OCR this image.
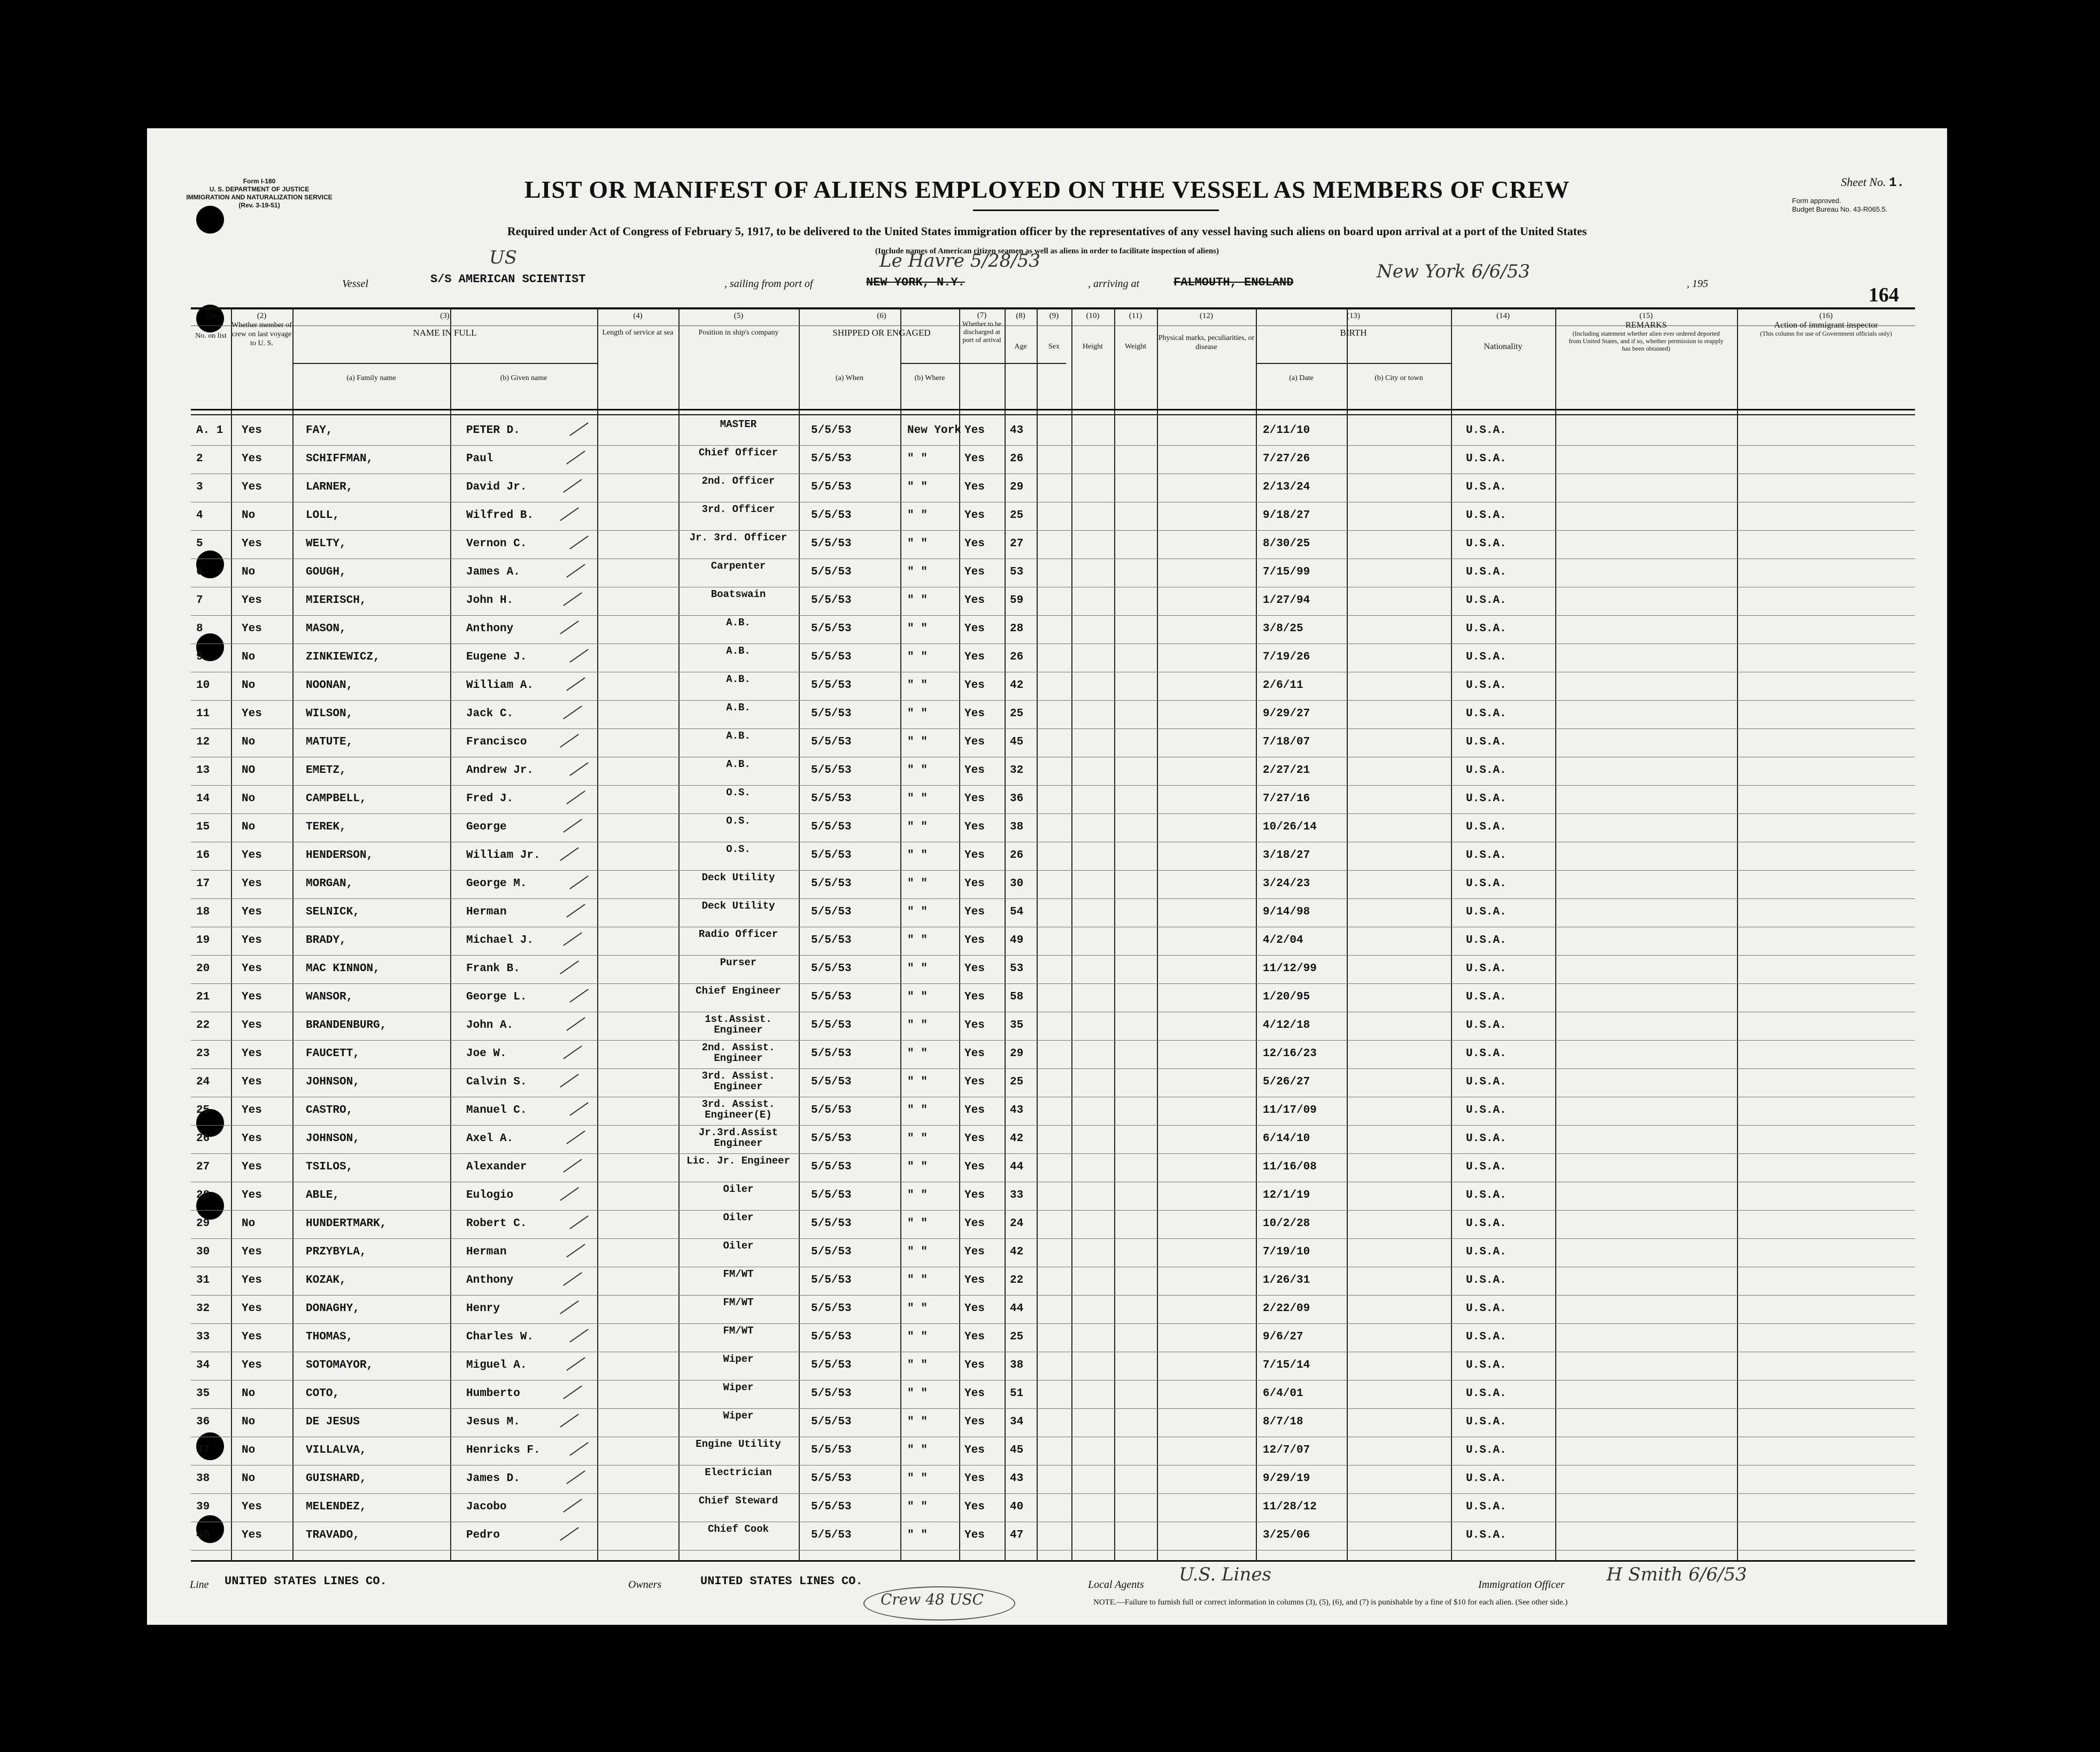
Form I-180
U. S. DEPARTMENT OF JUSTICE
IMMIGRATION AND NATURALIZATION SERVICE
(Rev. 3-19-51)
LIST OR MANIFEST OF ALIENS EMPLOYED ON THE VESSEL AS MEMBERS OF CREW	Sheet No. 1.
Form approved.
Budget Bureau No. 43-R065.5.
Required under Act of Congress of February 5, 1917, to be delivered to the United States immigration officer by the representatives of any vessel having such aliens on board upon arrival at a port of the United States
(Include names of American citizen seamen as well as aliens in order to facilitate inspection of aliens)
Vessel
US
S/S AMERICAN SCIENTIST	, sailing from port of	NEW YORK, N.Y.
Le Havre 5/28/53
, arriving at	FALMOUTH, ENGLAND
New York 6/6/53
, 195	164
(1)
No. on list
(2)
Whether member of crew on last voyage to U. S.
(3)
NAME IN FULL
(a) Family name	(b) Given name
(4)
Length of service at sea
(5)
Position in ship's company
(6)
SHIPPED OR ENGAGED
(a) When	(b) Where
(7)
Whether to be discharged at port of arrival
(8)
Age
(9)
Sex
(10)
Height
(11)
Weight
(12)
Physical marks, peculiarities, or disease
(13)
BIRTH
(a) Date	(b) City or town
(14)
Nationality
(15)
REMARKS
(Including statement whether alien ever ordered deported from United States, and if so, whether permission to reapply has been obtained)
(16)
Action of immigrant inspector
(This column for use of Government officials only)
A. 1 Yes	FAY,	PETER D.	MASTER	5/5/53	New York Yes 43	2/11/10	U.S.A.
2	Yes	SCHIFFMAN,	Paul	Chief Officer	5/5/53	" "	Yes 26	7/27/26	U.S.A.
3	Yes	LARNER,	David Jr.	2nd. Officer	5/5/53	" "	Yes 29	2/13/24	U.S.A.
4	No	LOLL,	Wilfred B.	3rd. Officer	5/5/53	" "	Yes 25	9/18/27	U.S.A.
5	Yes	WELTY,	Vernon C.	Jr. 3rd. Officer	5/5/53	" "	Yes 27	8/30/25	U.S.A.
6	No	GOUGH,	James A.	Carpenter	5/5/53	" "	Yes 53	7/15/99	U.S.A.
7	Yes	MIERISCH,	John H.	Boatswain	5/5/53	" "	Yes 59	1/27/94	U.S.A.
8	Yes	MASON,	Anthony	A.B.	5/5/53	" "	Yes 28	3/8/25	U.S.A.
9	No	ZINKIEWICZ,	Eugene J.	A.B.	5/5/53	" "	Yes 26	7/19/26	U.S.A.
10	No	NOONAN,	William A.	A.B.	5/5/53	" "	Yes 42	2/6/11	U.S.A.
11	Yes	WILSON,	Jack C.	A.B.	5/5/53	" "	Yes 25	9/29/27	U.S.A.
12	No	MATUTE,	Francisco	A.B.	5/5/53	" "	Yes 45	7/18/07	U.S.A.
13	NO	EMETZ,	Andrew Jr.	A.B.	5/5/53	" "	Yes 32	2/27/21	U.S.A.
14	No	CAMPBELL,	Fred J.	O.S.	5/5/53	" "	Yes 36	7/27/16	U.S.A.
15	No	TEREK,	George	O.S.	5/5/53	" "	Yes 38	10/26/14	U.S.A.
16	Yes	HENDERSON,	William Jr.	O.S.	5/5/53	" "	Yes 26	3/18/27	U.S.A.
17	Yes	MORGAN,	George M.	Deck Utility	5/5/53	" "	Yes 30	3/24/23	U.S.A.
18	Yes	SELNICK,	Herman	Deck Utility	5/5/53	" "	Yes 54	9/14/98	U.S.A.
19	Yes	BRADY,	Michael J.	Radio Officer	5/5/53	" "	Yes 49	4/2/04	U.S.A.
20	Yes	MAC KINNON,	Frank B.	Purser	5/5/53	" "	Yes 53	11/12/99	U.S.A.
21	Yes	WANSOR,	George L.	Chief Engineer	5/5/53	" "	Yes 58	1/20/95	U.S.A.
22	Yes	BRANDENBURG,	John A.	1st.Assist. Engineer	5/5/53	" "	Yes 35	4/12/18	U.S.A.
23	Yes	FAUCETT,	Joe W.	2nd. Assist. Engineer	5/5/53	" "	Yes 29	12/16/23	U.S.A.
24	Yes	JOHNSON,	Calvin S.	3rd. Assist. Engineer	5/5/53	" "	Yes 25	5/26/27	U.S.A.
25	Yes	CASTRO,	Manuel C.	3rd. Assist. Engineer(E)	5/5/53	" "	Yes 43	11/17/09	U.S.A.
26	Yes	JOHNSON,	Axel A.	Jr.3rd.Assist Engineer	5/5/53	" "	Yes 42	6/14/10	U.S.A.
27	Yes	TSILOS,	Alexander	Lic. Jr. Engineer	5/5/53	" "	Yes 44	11/16/08	U.S.A.
28	Yes	ABLE,	Eulogio	Oiler	5/5/53	" "	Yes 33	12/1/19	U.S.A.
29	No	HUNDERTMARK,	Robert C.	Oiler	5/5/53	" "	Yes 24	10/2/28	U.S.A.
30	Yes	PRZYBYLA,	Herman	Oiler	5/5/53	" "	Yes 42	7/19/10	U.S.A.
31	Yes	KOZAK,	Anthony	FM/WT	5/5/53	" "	Yes 22	1/26/31	U.S.A.
32	Yes	DONAGHY,	Henry	FM/WT	5/5/53	" "	Yes 44	2/22/09	U.S.A.
33	Yes	THOMAS,	Charles W.	FM/WT	5/5/53	" "	Yes 25	9/6/27	U.S.A.
34	Yes	SOTOMAYOR,	Miguel A.	Wiper	5/5/53	" "	Yes 38	7/15/14	U.S.A.
35	No	COTO,	Humberto	Wiper	5/5/53	" "	Yes 51	6/4/01	U.S.A.
36	No	DE JESUS	Jesus M.	Wiper	5/5/53	" "	Yes 34	8/7/18	U.S.A.
37	No	VILLALVA,	Henricks F.	Engine Utility	5/5/53	" "	Yes 45	12/7/07	U.S.A.
38	No	GUISHARD,	James D.	Electrician	5/5/53	" "	Yes 43	9/29/19	U.S.A.
39	Yes	MELENDEZ,	Jacobo	Chief Steward	5/5/53	" "	Yes 40	11/28/12	U.S.A.
40	Yes	TRAVADO,	Pedro	Chief Cook	5/5/53	" "	Yes 47	3/25/06	U.S.A.
Line UNITED STATES LINES CO.	Owners	UNITED STATES LINES CO.	Local Agents U.S. Lines	Immigration Officer H Smith 6/6/53
Crew 48 USC	NOTE.—Failure to furnish full or correct information in columns (3), (5), (6), and (7) is punishable by a fine of $10 for each alien. (See other side.)
